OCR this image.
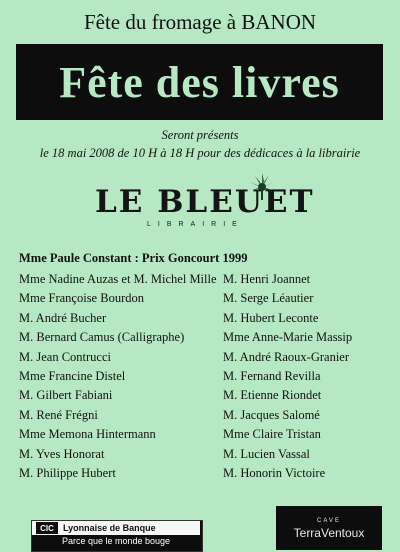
Fête du fromage à BANON
Fête des livres
Seront présents
le 18 mai 2008 de 10 H à 18 H pour des dédicaces à la librairie
LE BLEUET
LIBRAIRIE
Mme Paule Constant : Prix Goncourt 1999
Mme Nadine Auzas et M. Michel Mille
Mme Françoise Bourdon
M. André Bucher
M. Bernard Camus (Calligraphe)
M. Jean Contrucci
Mme Francine Distel
M. Gilbert Fabiani
M. René Frégni
Mme Memona Hintermann
M. Yves Honorat
M. Philippe Hubert
M. Henri Joannet
M. Serge Léautier
M. Hubert Leconte
Mme Anne-Marie Massip
M. André Raoux-Granier
M. Fernand Revilla
M. Etienne Riondet
M. Jacques Salomé
Mme Claire Tristan
M. Lucien Vassal
M. Honorin Victoire
CIC	Lyonnaise de Banque
Parce que le monde bouge
CAVE
TerraVentoux
